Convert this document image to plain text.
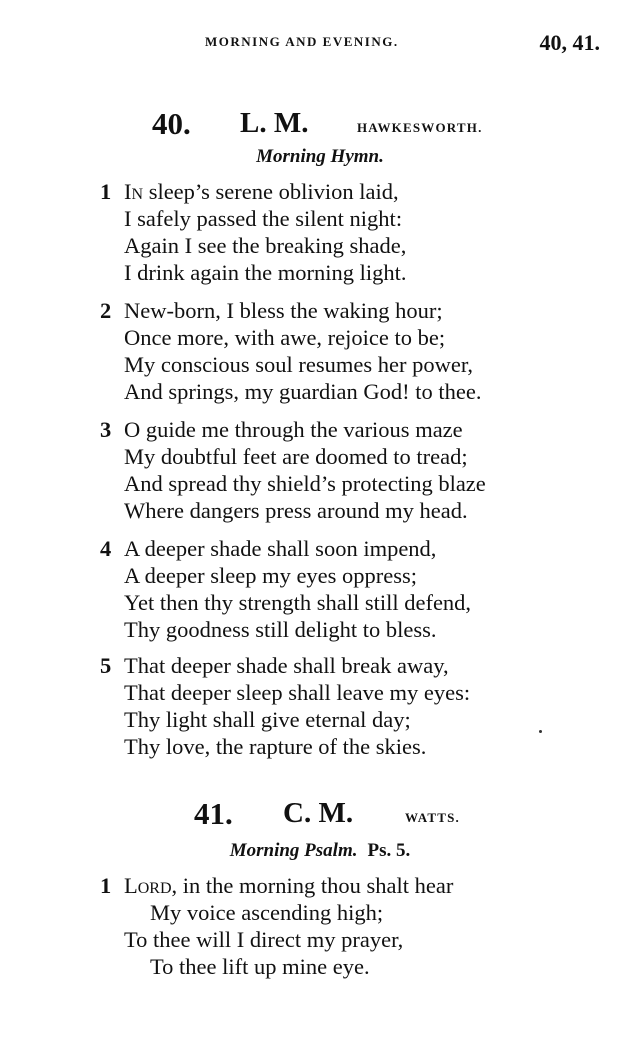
MORNING AND EVENING.	40, 41.
40. L. M.	HAWKESWORTH.
Morning Hymn.
1 In sleep’s serene oblivion laid,
I safely passed the silent night:
Again I see the breaking shade,
I drink again the morning light.
2 New-born, I bless the waking hour;
Once more, with awe, rejoice to be;
My conscious soul resumes her power,
And springs, my guardian God! to thee.
3 O guide me through the various maze
My doubtful feet are doomed to tread;
And spread thy shield’s protecting blaze
Where dangers press around my head.
4 A deeper shade shall soon impend,
A deeper sleep my eyes oppress;
Yet then thy strength shall still defend,
Thy goodness still delight to bless.
5 That deeper shade shall break away,
That deeper sleep shall leave my eyes:
Thy light shall give eternal day;
Thy love, the rapture of the skies.
41. C. M.	WATTS.
Morning Psalm. Ps. 5.
1 Lord, in the morning thou shalt hear
My voice ascending high;
To thee will I direct my prayer,
To thee lift up mine eye.
